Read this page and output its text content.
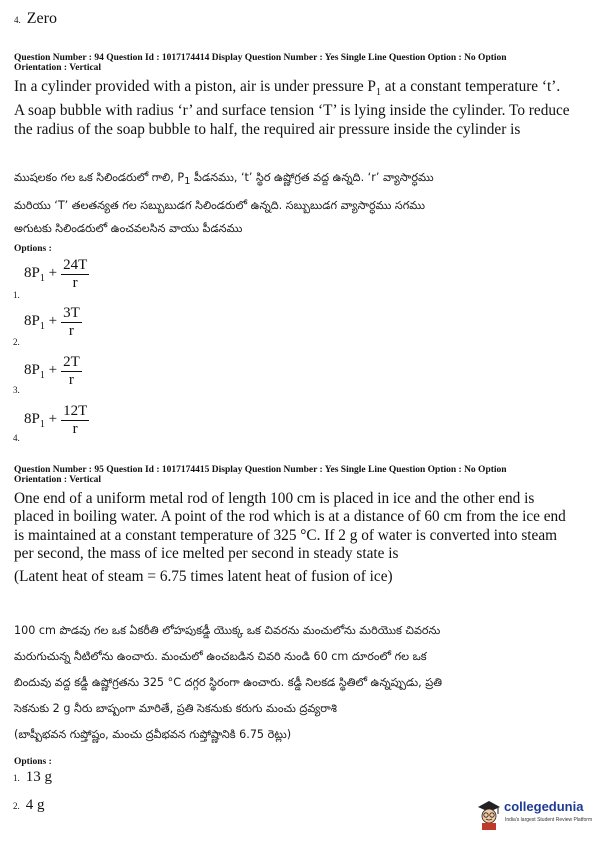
4. Zero
Question Number : 94 Question Id : 1017174414 Display Question Number : Yes Single Line Question Option : No Option
Orientation : Vertical
In a cylinder provided with a piston, air is under pressure $P_1$ at a constant temperature ‘t’.
A soap bubble with radius ‘r’ and surface tension ‘T’ is lying inside the cylinder. To reduce
the radius of the soap bubble to half, the required air pressure inside the cylinder is
ముషలకం గల ఒక సిలిండరులో గాలి, $P_1$ పీడనము, ‘t’ స్థిర ఉష్ణోగ్రత వద్ద ఉన్నది. ‘r’ వ్యాసార్ధము
మరియు ‘T’ తలతన్యత గల సబ్బుబుడగ సిలిండరులో ఉన్నది. సబ్బుబుడగ వ్యాసార్ధము సగము
అగుటకు సిలిండరులో ఉంచవలసిన వాయు పీడనము
Options :
$8P_1 + \frac{24T}{r}$
1.
$8P_1 + \frac{3T}{r}$
2.
$8P_1 + \frac{2T}{r}$
3.
$8P_1 + \frac{12T}{r}$
4.
Question Number : 95 Question Id : 1017174415 Display Question Number : Yes Single Line Question Option : No Option
Orientation : Vertical
One end of a uniform metal rod of length 100 cm is placed in ice and the other end is
placed in boiling water. A point of the rod which is at a distance of 60 cm from the ice end
is maintained at a constant temperature of 325 °C. If 2 g of water is converted into steam
per second, the mass of ice melted per second in steady state is
(Latent heat of steam = 6.75 times latent heat of fusion of ice)
100 cm పొడవు గల ఒక ఏకరీతి లోహపుకడ్డీ యొక్క ఒక చివరను మంచులోను మరియొక చివరను
మరుగుచున్న నీటిలోను ఉంచారు. మంచులో ఉంచబడిన చివరి నుండి 60 cm దూరంలో గల ఒక
బిందువు వద్ద కడ్డీ ఉష్ణోగ్రతను 325 °C దగ్గర స్థిరంగా ఉంచారు. కడ్డీ నిలకడ స్థితిలో ఉన్నప్పుడు, ప్రతి
సెకనుకు 2 g నీరు బాష్పంగా మారితే, ప్రతి సెకనుకు కరుగు మంచు ద్రవ్యరాశి
(బాష్పీభవన గుప్తోష్ణం, మంచు ద్రవీభవన గుప్తోష్ణానికి 6.75 రెట్లు)
Options :
1. 13 g
2. 4 g	collegedunia
India's largest Student Review Platform
